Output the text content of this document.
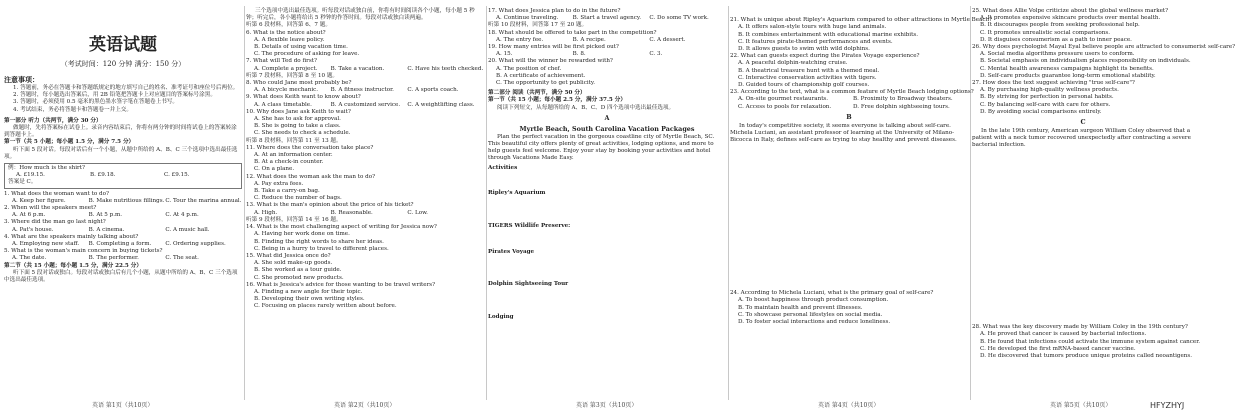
英语试题
（考试时间：120 分钟 满分：150 分）
注意事项：
1. 答题前，务必在答题卡和答题纸规定的地方填写自己的姓名、准考证号和座位号后两位。
2. 答题时，每小题选出答案后，用 2B 铅笔把答题卡上对应题目的答案标号涂黑。
3. 答题时，必须使用 0.5 毫米的黑色墨水签字笔在答题卷上书写。
4. 考试结束，务必将答题卡和答题卷一并上交。
第一部分 听力（共两节，满分 30 分）
做题时，先将答案标在试卷上。录音内容结束后，你将有两分钟的时间将试卷上的答案转涂到答题卡上。
第一节（共 5 小题；每小题 1.5 分，满分 7.5 分）
听下面 5 段对话。每段对话后有一个小题，从题中所给的 A、B、C 三个选项中选出最佳选项。
例：How much is the shirt?
A. £19.15.	B. £9.18.	C. £9.15.
答案是 C。
1. What does the woman want to do?
A. Keep her figure.	B. Make nutritious fillings. C. Tour the marina annual.
2. When will the speakers meet?
A. At 6 p.m.	B. At 5 p.m.	C. At 4 p.m.
3. Where did the man go last night?
A. Pat's house.	B. A cinema.	C. A music hall.
4. What are the speakers mainly talking about?
A. Employing new staff.	B. Completing a form.	C. Ordering supplies.
5. What is the woman's main concern in buying tickets?
A. The date.	B. The performer.	C. The seat.
第二节（共 15 小题；每小题 1.5 分，满分 22.5 分）
听下面 5 段对话或独白。每段对话或独白后有几个小题，从题中所给的 A、B、C 三个选项中选出最佳选项。
三个选项中选出最佳选项。听每段对话或独白前，你将有时间阅读各个小题，每小题 5 秒钟；听完后，各小题将给出 5 秒钟的作答时间。每段对话或独白读两遍。
听第 6 段材料，回答第 6、7 题。
6. What is the notice about?
A. A flexible leave policy.
B. Details of using vacation time.
C. The procedure of asking for leave.
7. What will Ted do first?
A. Complete a project.	B. Take a vacation.	C. Have his teeth checked.
听第 7 段材料，回答第 8 至 10 题。
8. Who could Jane most probably be?
A. A bicycle mechanic.	B. A fitness instructor.	C. A sports coach.
9. What does Keith want to know about?
A. A class timetable.	B. A customized service.	C. A weightlifting class.
10. Why does Jane ask Keith to wait?
A. She has to ask for approval.
B. She is going to take a class.
C. She needs to check a schedule.
听第 8 段材料，回答第 11 至 13 题。
11. Where does the conversation take place?
A. At an information center.
B. At a check-in counter.
C. On a plane.
12. What does the woman ask the man to do?
A. Pay extra fees.
B. Take a carry-on bag.
C. Reduce the number of bags.
13. What is the man's opinion about the price of his ticket?
A. High.	B. Reasonable.	C. Low.
听第 9 段材料，回答第 14 至 16 题。
14. What is the most challenging aspect of writing for Jessica now?
A. Having her work done on time.
B. Finding the right words to share her ideas.
C. Being in a hurry to travel to different places.
15. What did Jessica once do?
A. She sold make-up goods.
B. She worked as a tour guide.
C. She promoted new products.
16. What is Jessica's advice for those wanting to be travel writers?
A. Finding a new angle for their topic.
B. Developing their own writing styles.
C. Focusing on places rarely written about before.
17. What does Jessica plan to do in the future?
A. Continue traveling.	B. Start a travel agency.	C. Do some TV work.
听第 10 段材料，回答第 17 至 20 题。
18. What should be offered to take part in the competition?
A. The entry fee.	B. A recipe.	C. A dessert.
19. How many entries will be first picked out?
A. 15.	B. 8.	C. 3.
20. What will the winner be rewarded with?
A. The position of chef.
B. A certificate of achievement.
C. The opportunity to get publicity.
第二部分 阅读（共两节，满分 50 分）
第一节（共 15 小题；每小题 2.5 分，满分 37.5 分）
阅读下列短文，从每题所给的 A、B、C、D 四个选项中选出最佳选项。
A
Myrtle Beach, South Carolina Vacation Packages
Plan the perfect vacation in the gorgeous coastline city of Myrtle Beach, SC. This beautiful city offers plenty of great activities, lodging options, and more to help guests feel welcome. Enjoy your stay by booking your activities and hotel through Vacations Made Easy.
Activities
Ripley's Aquarium
TIGERS Wildlife Preserve:
Pirates Voyage
Dolphin Sightseeing Tour
Lodging
21. What is unique about Ripley's Aquarium compared to other attractions in Myrtle Beach?
A. It offers salon-style tours with huge land animals.
B. It combines entertainment with educational marine exhibits.
C. It features pirate-themed performances and events.
D. It allows guests to swim with wild dolphins.
22. What can guests expect during the Pirates Voyage experience?
A. A peaceful dolphin-watching cruise.
B. A theatrical treasure hunt with a themed meal.
C. Interactive conservation activities with tigers.
D. Guided tours of championship golf courses.
23. According to the text, what is a common feature of Myrtle Beach lodging options?
A. On-site gourmet restaurants.	B. Proximity to Broadway theaters.
C. Access to pools for relaxation.	D. Free dolphin sightseeing tours.
B
In today's competitive society, it seems everyone is talking about self-care. Michela Luciani, an assistant professor of learning at the University of Milano-Bicocca in Italy, defines self-care as trying to stay healthy and prevent diseases.
24. According to Michela Luciani, what is the primary goal of self-care?
A. To boost happiness through product consumption.
B. To maintain health and prevent illnesses.
C. To showcase personal lifestyles on social media.
D. To foster social interactions and reduce loneliness.
25. What does Allie Volpe criticize about the global wellness market?
A. It promotes expensive skincare products over mental health.
B. It discourages people from seeking professional help.
C. It promotes unrealistic social comparisons.
D. It disguises consumerism as a path to inner peace.
26. Why does psychologist Mayal Eyal believe people are attracted to consumerist self-care?
A. Social media algorithms pressure users to conform.
B. Societal emphasis on individualism places responsibility on individuals.
C. Mental health awareness campaigns highlight its benefits.
D. Self-care products guarantee long-term emotional stability.
27. How does the text suggest achieving "true self-care"?
A. By purchasing high-quality wellness products.
B. By striving for perfection in personal habits.
C. By balancing self-care with care for others.
D. By avoiding social comparisons entirely.
C
In the late 19th century, American surgeon William Coley observed that a patient with a neck tumor recovered unexpectedly after contracting a severe bacterial infection.
28. What was the key discovery made by William Coley in the 19th century?
A. He proved that cancer is caused by bacterial infections.
B. He found that infections could activate the immune system against cancer.
C. He developed the first mRNA-based cancer vaccine.
D. He discovered that tumors produce unique proteins called neoantigens.
英语 第1页（共10页）	英语 第2页（共10页）	英语 第3页（共10页）	英语 第4页（共10页）	英语 第5页（共10页）	HFYZHYJ
